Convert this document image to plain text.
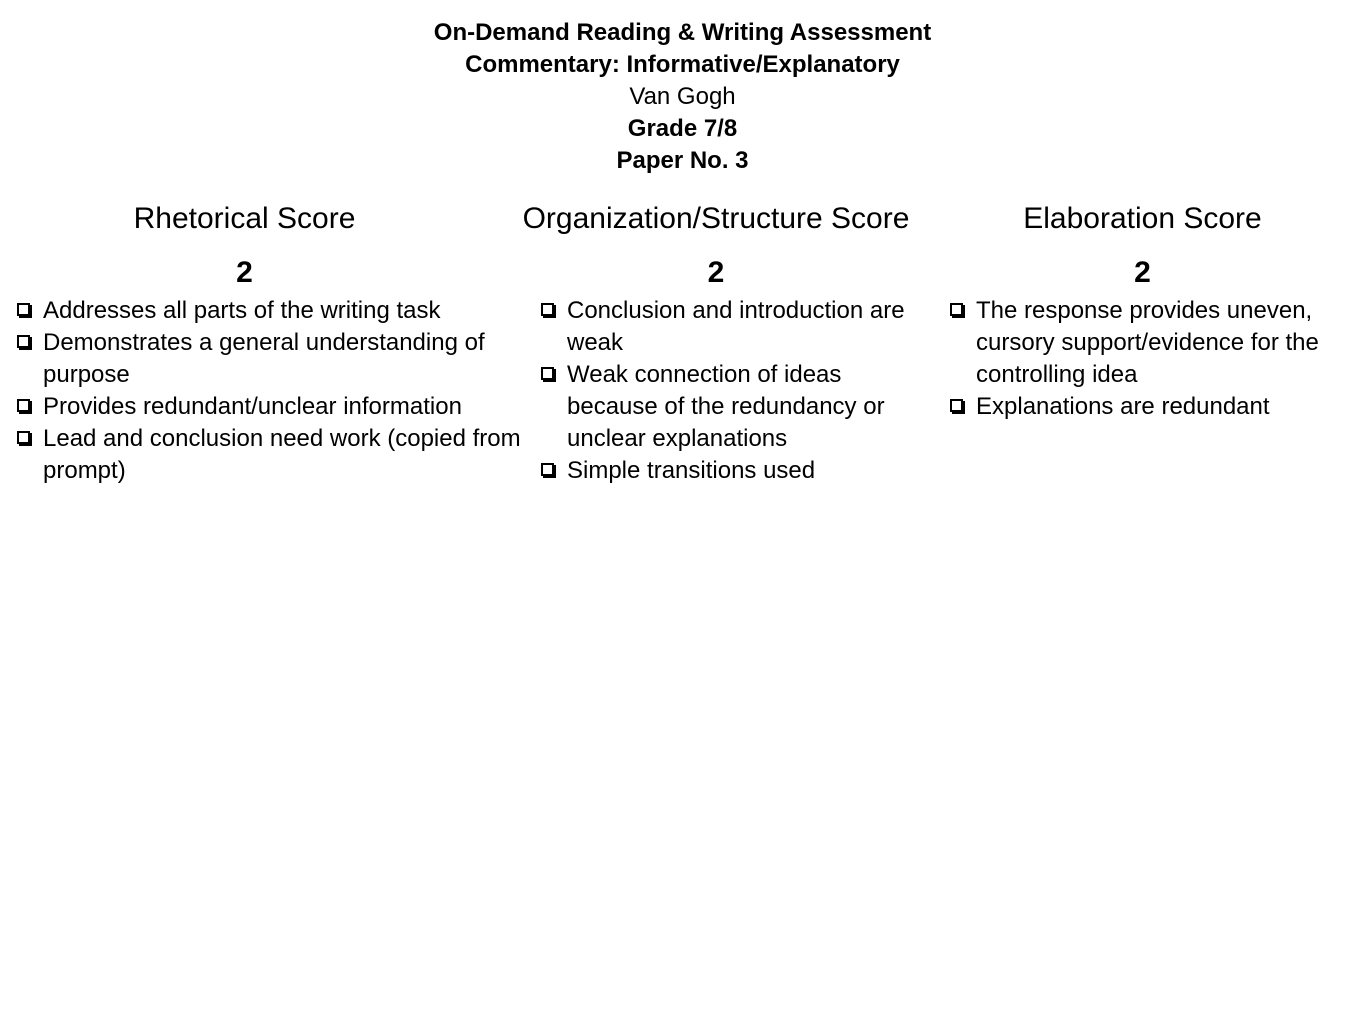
On-Demand Reading & Writing Assessment
Commentary: Informative/Explanatory
Van Gogh
Grade 7/8
Paper No. 3
Rhetorical Score
2
Addresses all parts of the writing task
Demonstrates a general understanding of purpose
Provides redundant/unclear information
Lead and conclusion need work (copied from prompt)
Organization/Structure Score
2
Conclusion and introduction are weak
Weak connection of ideas because of the redundancy or unclear explanations
Simple transitions used
Elaboration Score
2
The response provides uneven, cursory support/evidence for the controlling idea
Explanations are redundant
